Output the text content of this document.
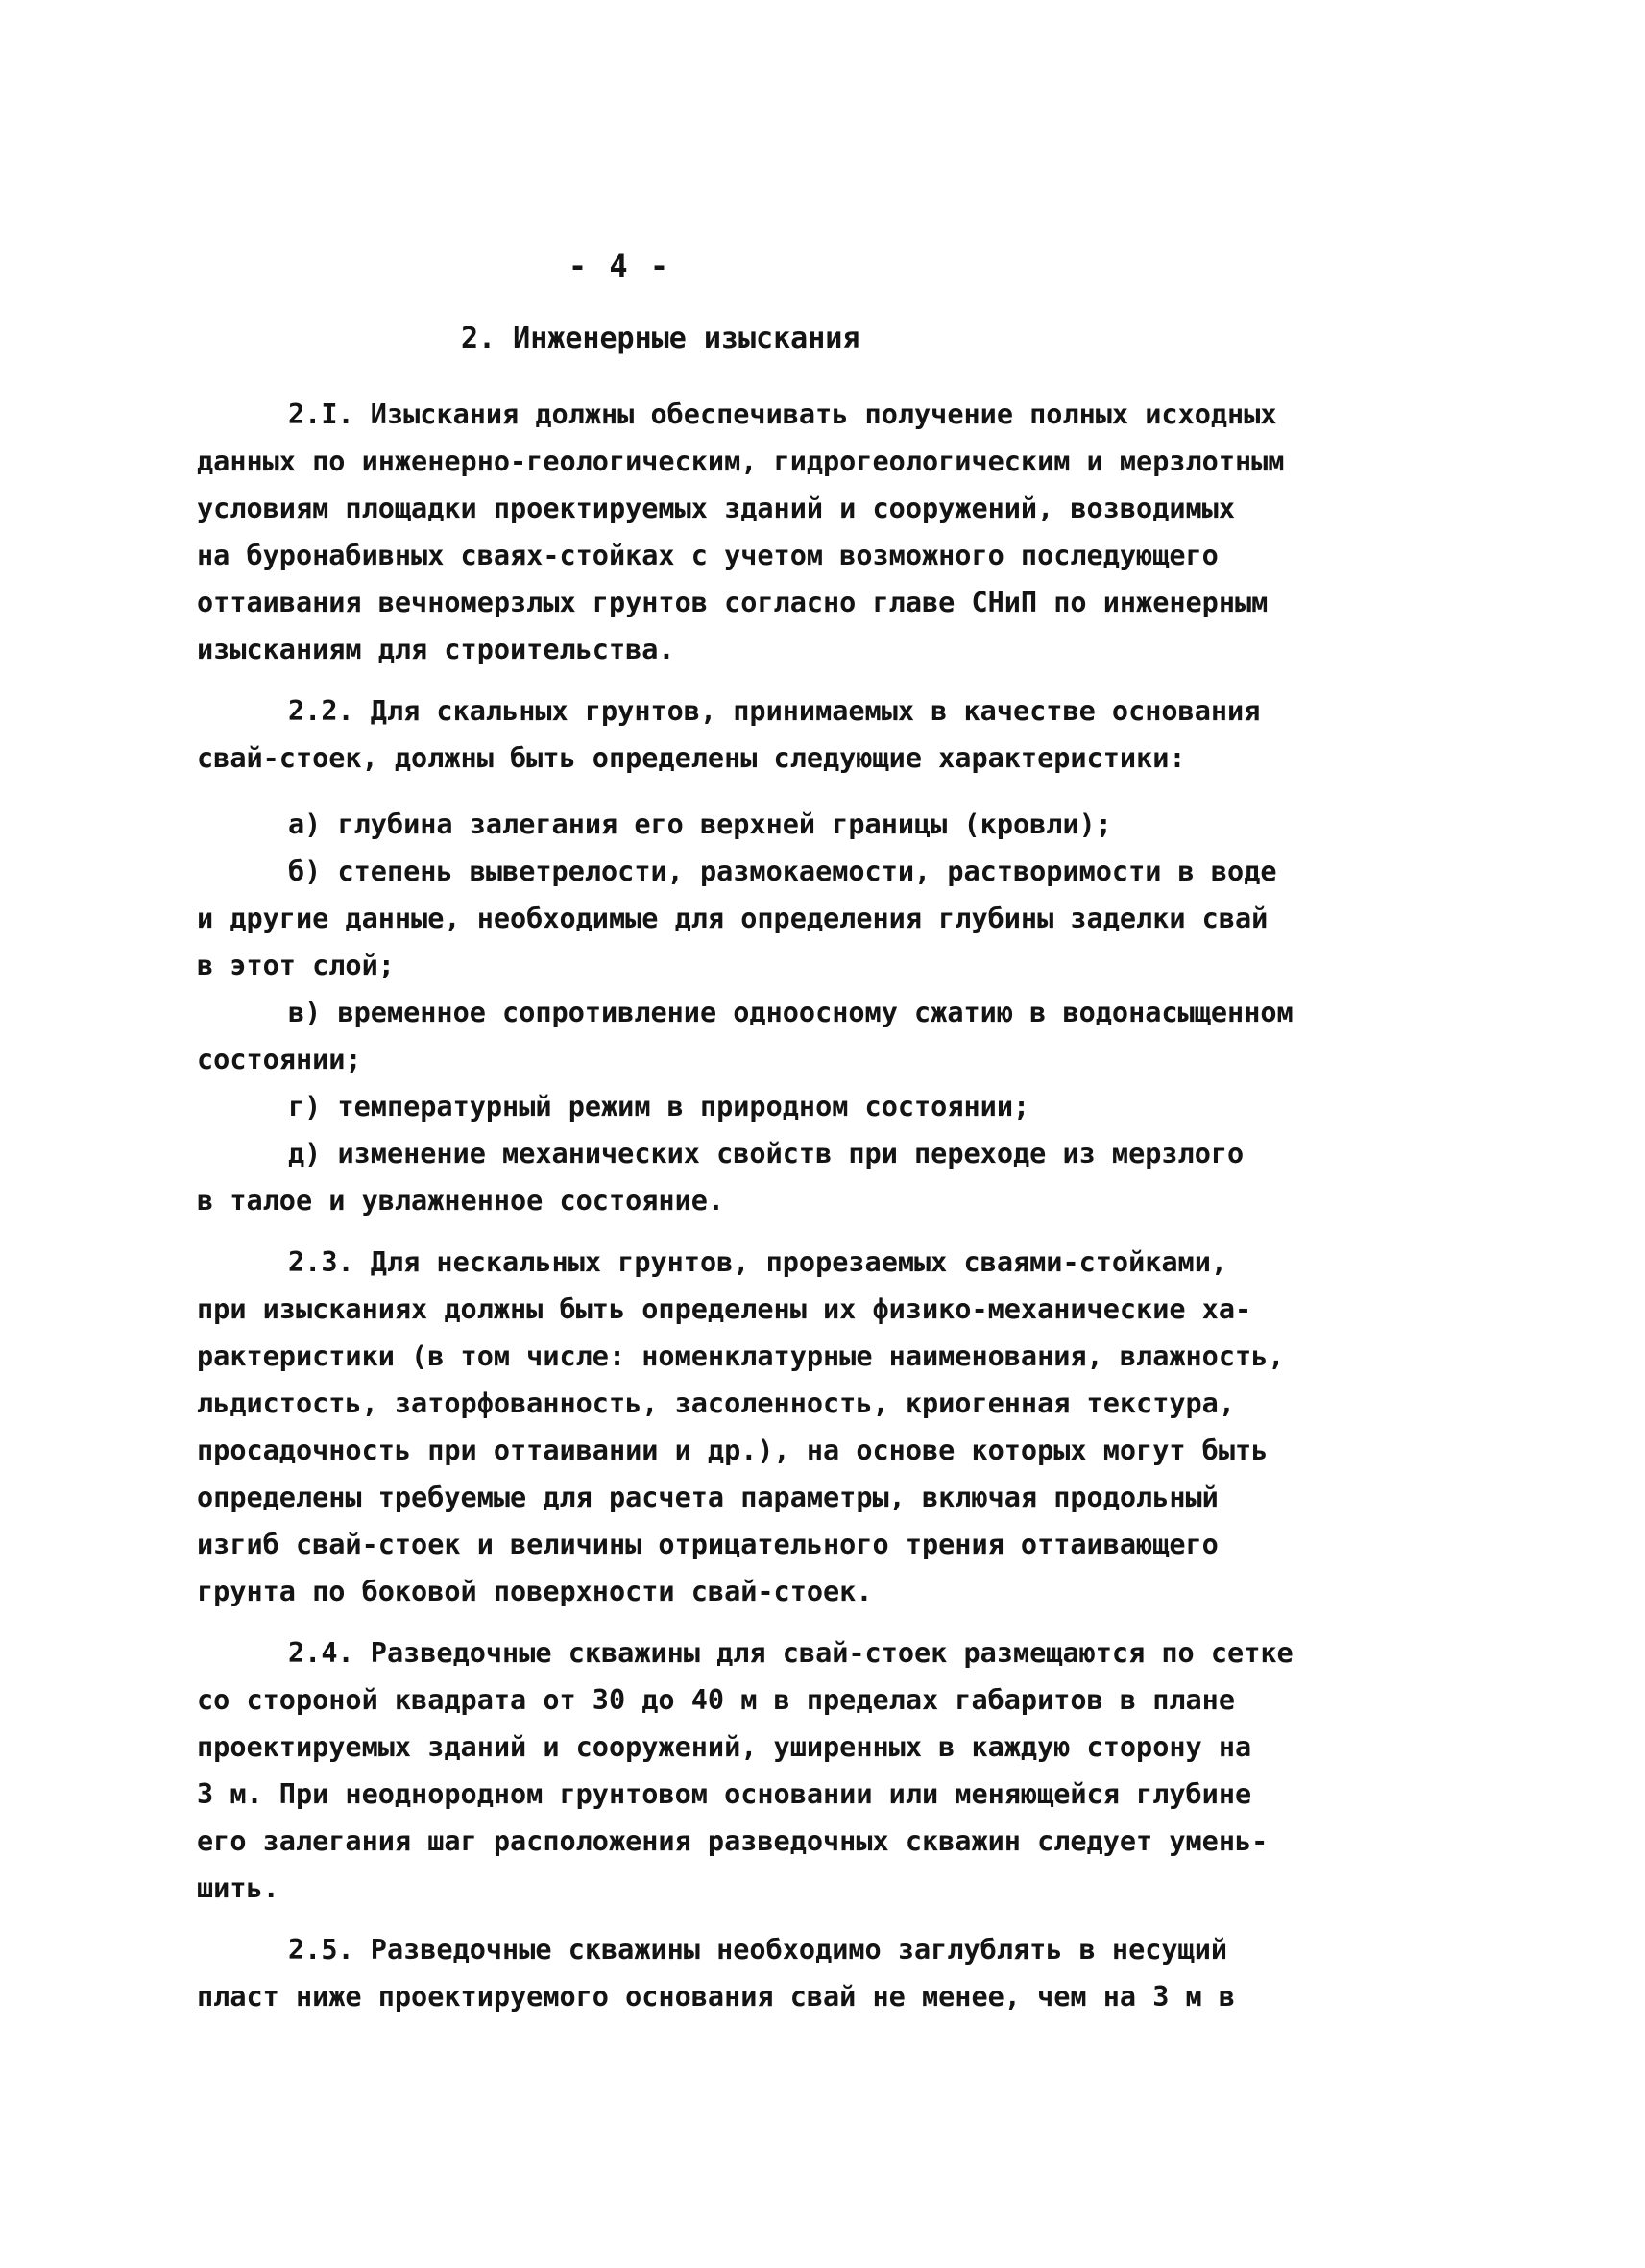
- 4 -
2. Инженерные изыскания
2.I. Изыскания должны обеспечивать получение полных исходных
данных по инженерно-геологическим, гидрогеологическим и мерзлотным
условиям площадки проектируемых зданий и сооружений, возводимых
на буронабивных сваях-стойках с учетом возможного последующего
оттаивания вечномерзлых грунтов согласно главе СНиП по инженерным
изысканиям для строительства.
2.2. Для скальных грунтов, принимаемых в качестве основания
свай-стоек, должны быть определены следующие характеристики:
а) глубина залегания его верхней границы (кровли);
б) степень выветрелости, размокаемости, растворимости в воде
и другие данные, необходимые для определения глубины заделки свай
в этот слой;
в) временное сопротивление одноосному сжатию в водонасыщенном
состоянии;
г) температурный режим в природном состоянии;
д) изменение механических свойств при переходе из мерзлого
в талое и увлажненное состояние.
2.3. Для нескальных грунтов, прорезаемых сваями-стойками,
при изысканиях должны быть определены их физико-механические ха-
рактеристики (в том числе: номенклатурные наименования, влажность,
льдистость, заторфованность, засоленность, криогенная текстура,
просадочность при оттаивании и др.), на основе которых могут быть
определены требуемые для расчета параметры, включая продольный
изгиб свай-стоек и величины отрицательного трения оттаивающего
грунта по боковой поверхности свай-стоек.
2.4. Разведочные скважины для свай-стоек размещаются по сетке
со стороной квадрата от 30 до 40 м в пределах габаритов в плане
проектируемых зданий и сооружений, уширенных в каждую сторону на
3 м. При неоднородном грунтовом основании или меняющейся глубине
его залегания шаг расположения разведочных скважин следует умень-
шить.
2.5. Разведочные скважины необходимо заглублять в несущий
пласт ниже проектируемого основания свай не менее, чем на 3 м в
